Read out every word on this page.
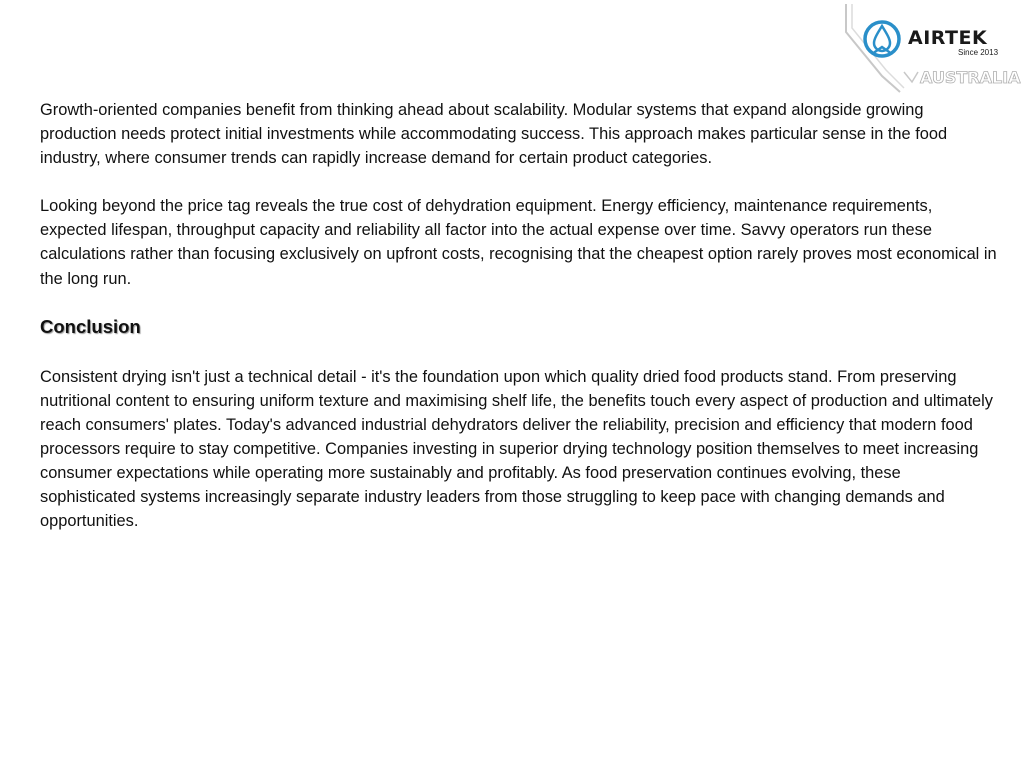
AIRTEK
Since 2013
AUSTRALIA

Growth-oriented companies benefit from thinking ahead about scalability. Modular systems that expand alongside growing production needs protect initial investments while accommodating success. This approach makes particular sense in the food industry, where consumer trends can rapidly increase demand for certain product categories.

Looking beyond the price tag reveals the true cost of dehydration equipment. Energy efficiency, maintenance requirements, expected lifespan, throughput capacity and reliability all factor into the actual expense over time. Savvy operators run these calculations rather than focusing exclusively on upfront costs, recognising that the cheapest option rarely proves most economical in the long run.

Conclusion

Consistent drying isn't just a technical detail - it's the foundation upon which quality dried food products stand. From preserving nutritional content to ensuring uniform texture and maximising shelf life, the benefits touch every aspect of production and ultimately reach consumers' plates. Today's advanced industrial dehydrators deliver the reliability, precision and efficiency that modern food processors require to stay competitive. Companies investing in superior drying technology position themselves to meet increasing consumer expectations while operating more sustainably and profitably. As food preservation continues evolving, these sophisticated systems increasingly separate industry leaders from those struggling to keep pace with changing demands and opportunities.
